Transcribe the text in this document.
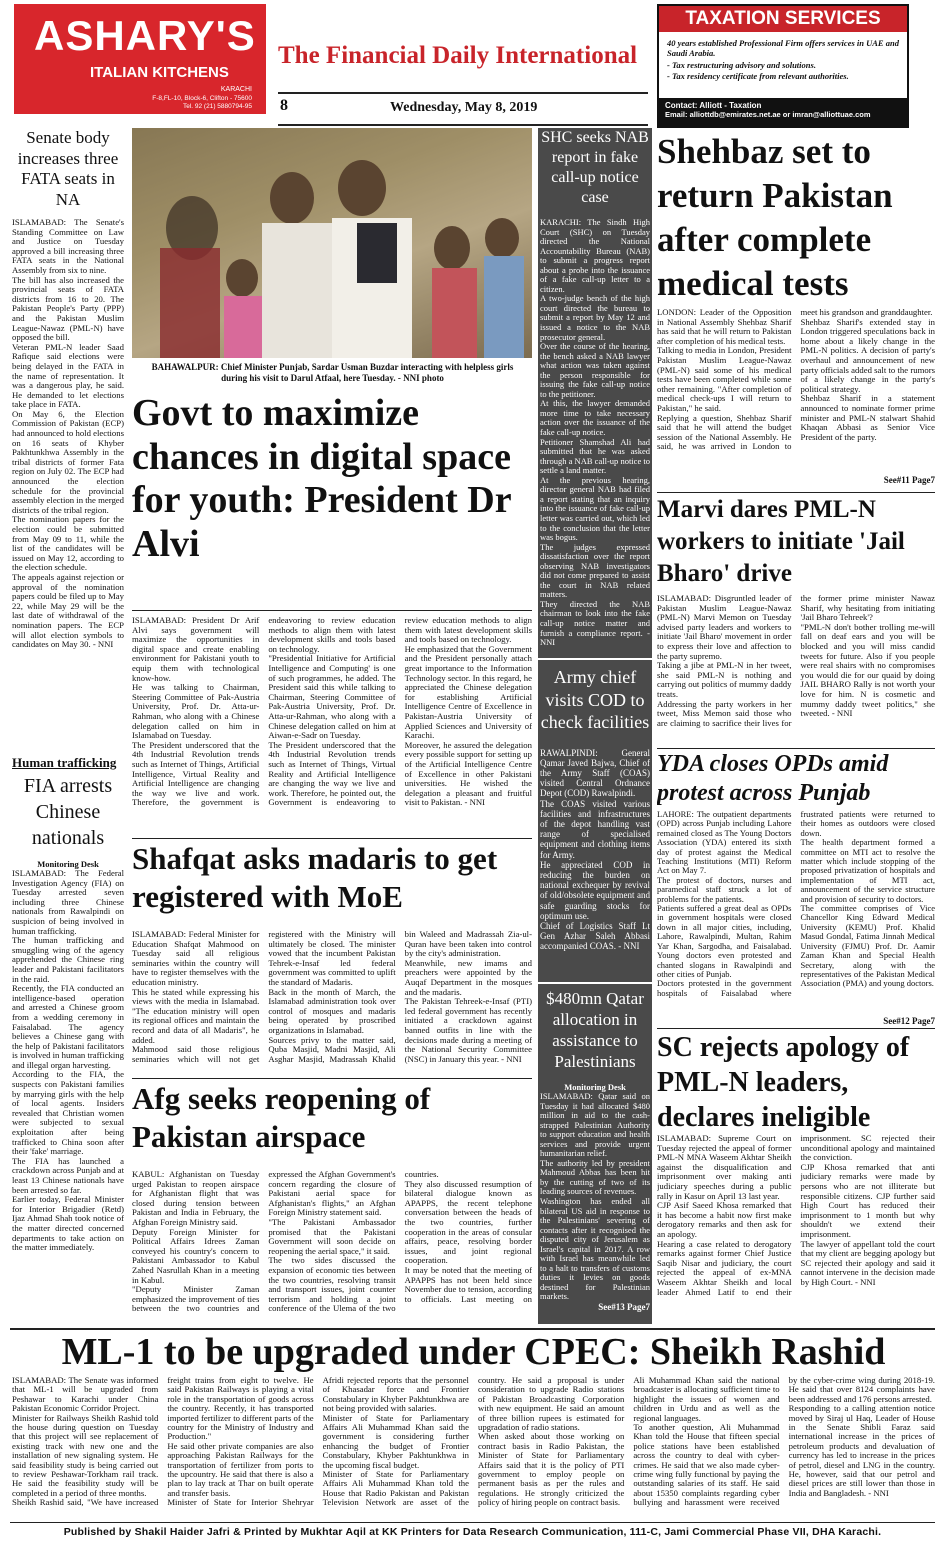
ASHARY'S
ITALIAN KITCHENS
KARACHI
F-8,FL-10, Block-6, Clifton - 75600
Tel. 92 (21) 5880794-95
The Financial Daily International
8	Wednesday, May 8, 2019
TAXATION SERVICES
40 years established Professional Firm offers services in UAE and Saudi Arabia.
- Tax restructuring advisory and solutions.
- Tax residency certificate from relevant authorities.
Contact: Alliott - Taxation
Email: alliottdb@emirates.net.ae or imran@alliottuae.com
Senate body increases three FATA seats in NA
ISLAMABAD: The Senate's Standing Committee on Law and Justice on Tuesday approved a bill increasing three FATA seats in the National Assembly from six to nine.
The bill has also increased the provincial seats of FATA districts from 16 to 20. The Pakistan People's Party (PPP) and the Pakistan Muslim League-Nawaz (PML-N) have opposed the bill.
Veteran PML-N leader Saad Rafique said elections were being delayed in the FATA in the name of representation. It was a dangerous play, he said. He demanded to let elections take place in FATA.
On May 6, the Election Commission of Pakistan (ECP) had announced to hold elections on 16 seats of Khyber Pakhtunkhwa Assembly in the tribal districts of former Fata region on July 02. The ECP had announced the election schedule for the provincial assembly election in the merged districts of the tribal region.
The nomination papers for the election could be submitted from May 09 to 11, while the list of the candidates will be issued on May 12, according to the election schedule.
The appeals against rejection or approval of the nomination papers could be filed up to May 22, while May 29 will be the last date of withdrawal of the nomination papers. The ECP will allot election symbols to candidates on May 30. - NNI
Human trafficking
FIA arrests Chinese nationals
Monitoring Desk
ISLAMABAD: The Federal Investigation Agency (FIA) on Tuesday arrested seven including three Chinese nationals from Rawalpindi on suspicion of being involved in human trafficking.
The human trafficking and smuggling wing of the agency apprehended the Chinese ring leader and Pakistani facilitators in the raid.
Recently, the FIA conducted an intelligence-based operation and arrested a Chinese groom from a wedding ceremony in Faisalabad. The agency believes a Chinese gang with the help of Pakistani facilitators is involved in human trafficking and illegal organ harvesting.
According to the FIA, the suspects con Pakistani families by marrying girls with the help of local agents. Insiders revealed that Christian women were subjected to sexual exploitation after being trafficked to China soon after their 'fake' marriage.
The FIA has launched a crackdown across Punjab and at least 13 Chinese nationals have been arrested so far.
Earlier today, Federal Minister for Interior Brigadier (Retd) Ijaz Ahmad Shah took notice of the matter directed concerned departments to take action on the matter immediately.
BAHAWALPUR: Chief Minister Punjab, Sardar Usman Buzdar interacting with helpless girls during his visit to Darul Atfaal, here Tuesday. - NNI photo
Govt to maximize chances in digital space for youth: President Dr Alvi
ISLAMABAD: President Dr Arif Alvi says government will maximize the opportunities in digital space and create enabling environment for Pakistani youth to equip them with technological know-how.
He was talking to Chairman, Steering Committee of Pak-Austria University, Prof. Dr. Atta-ur-Rahman, who along with a Chinese delegation called on him in Islamabad on Tuesday.
The President underscored that the 4th Industrial Revolution trends such as Internet of Things, Artificial Intelligence, Virtual Reality and Artificial Intelligence are changing the way we live and work. Therefore, the government is endeavoring to review education methods to align them with latest development skills and tools based on technology.
"Presidential Initiative for Artificial Intelligence and Computing' is one of such programmes, he added. The President said this while talking to Chairman, Steering Committee of Pak-Austria University, Prof. Dr. Atta-ur-Rahman, who along with a Chinese delegation called on him at Aiwan-e-Sadr on Tuesday.
The President underscored that the 4th Industrial Revolution trends such as Internet of Things, Virtual Reality and Artificial Intelligence are changing the way we live and work. Therefore, he pointed out, the Government is endeavoring to review education methods to align them with latest development skills and tools based on technology.
He emphasized that the Government and the President personally attach great importance to the Information Technology sector. In this regard, he appreciated the Chinese delegation for establishing Artificial Intelligence Centre of Excellence in Pakistan-Austria University of Applied Sciences and University of Karachi.
Moreover, he assured the delegation every possible support for setting up of the Artificial Intelligence Centre of Excellence in other Pakistani universities. He wished the delegation a pleasant and fruitful visit to Pakistan. - NNI
Shafqat asks madaris to get registered with MoE
ISLAMABAD: Federal Minister for Education Shafqat Mahmood on Tuesday said all religious seminaries within the country will have to register themselves with the education ministry.
This he stated while expressing his views with the media in Islamabad. "The education ministry will open its regional offices and maintain the record and data of all Madaris", he added.
Mahmood said those religious seminaries which will not get registered with the Ministry will ultimately be closed. The minister vowed that the incumbent Pakistan Tehrek-e-Insaf led federal government was committed to uplift the standard of Madaris.
Back in the month of March, the Islamabad administration took over control of mosques and madaris being operated by proscribed organizations in Islamabad.
Sources privy to the matter said, Quba Masjid, Madni Masjid, Ali Asghar Masjid, Madrassah Khalid bin Waleed and Madrassah Zia-ul-Quran have been taken into control by the city's administration.
Meanwhile, new imams and preachers were appointed by the Auqaf Department in the mosques and the madaris.
The Pakistan Tehreek-e-Insaf (PTI) led federal government has recently initiated a crackdown against banned outfits in line with the decisions made during a meeting of the National Security Committee (NSC) in January this year. - NNI
Afg seeks reopening of Pakistan airspace
KABUL: Afghanistan on Tuesday urged Pakistan to reopen airspace for Afghanistan flight that was closed during tension between Pakistan and India in February, the Afghan Foreign Ministry said.
Deputy Foreign Minister for Political Affairs Idrees Zaman conveyed his country's concern to Pakistani Ambassador to Kabul Zahed Nasrullah Khan in a meeting in Kabul.
"Deputy Minister Zaman emphasized the improvement of ties between the two countries and expressed the Afghan Government's concern regarding the closure of Pakistani aerial space for Afghanistan's flights," an Afghan Foreign Ministry statement said.
"The Pakistani Ambassador promised that the Pakistani Government will soon decide on reopening the aerial space," it said.
The two sides discussed the expansion of economic ties between the two countries, resolving transit and transport issues, joint counter terrorism and holding a joint conference of the Ulema of the two countries.
They also discussed resumption of bilateral dialogue known as APAPPS, the recent telephone conversation between the heads of the two countries, further cooperation in the areas of consular affairs, peace, resolving border issues, and joint regional cooperation.
It may be noted that the meeting of APAPPS has not been held since November due to tension, according to officials. Last meeting on
SHC seeks NAB report in fake call-up notice case
KARACHI: The Sindh High Court (SHC) on Tuesday directed the National Accountability Bureau (NAB) to submit a progress report about a probe into the issuance of a fake call-up letter to a citizen.
A two-judge bench of the high court directed the bureau to submit a report by May 12 and issued a notice to the NAB prosecutor general.
Over the course of the hearing, the bench asked a NAB lawyer what action was taken against the person responsible for issuing the fake call-up notice to the petitioner.
At this, the lawyer demanded more time to take necessary action over the issuance of the fake call-up notice.
Petitioner Shamshad Ali had submitted that he was asked through a NAB call-up notice to settle a land matter.
At the previous hearing, director general NAB had filed a report stating that an inquiry into the issuance of fake call-up letter was carried out, which led to the conclusion that the letter was bogus.
The judges expressed dissatisfaction over the report observing NAB investigators did not come prepared to assist the court in NAB related matters.
They directed the NAB chairman to look into the fake call-up notice matter and furnish a compliance report. - NNI
Army chief visits COD to check facilities
RAWALPINDI: General Qamar Javed Bajwa, Chief of the Army Staff (COAS) visited Central Ordnance Depot (COD) Rawalpindi.
The COAS visited various facilities and infrastructures of the depot handling vast range of specialised equipment and clothing items for Army.
He appreciated COD in reducing the burden on national exchequer by revival of old/obsolete equipment and safe guarding stocks for optimum use.
Chief of Logistics Staff Lt Gen Azhar Saleh Abbasi accompanied COAS. - NNI
$480mn Qatar allocation in assistance to Palestinians
Monitoring Desk
ISLAMABAD: Qatar said on Tuesday it had allocated $480 million in aid to the cash-strapped Palestinian Authority to support education and health services and provide urgent humanitarian relief.
The authority led by president Mahmoud Abbas has been hit by the cutting of two of its leading sources of revenues.
Washington has ended all bilateral US aid in response to the Palestinians' severing of contacts after it recognised the disputed city of Jerusalem as Israel's capital in 2017. A row with Israel has meanwhile led to a halt to transfers of customs duties it levies on goods destined for Palestinian markets.
See#13 Page7
Shehbaz set to return Pakistan after complete medical tests
LONDON: Leader of the Opposition in National Assembly Shehbaz Sharif has said that he will return to Pakistan after completion of his medical tests.
Talking to media in London, President Pakistan Muslim League-Nawaz (PML-N) said some of his medical tests have been completed while some other remaining. "After completion of medical check-ups I will return to Pakistan," he said.
Replying a question, Shehbaz Sharif said that he will attend the budget session of the National Assembly. He said, he was arrived in London to meet his grandson and granddaughter.
Shehbaz Sharif's extended stay in London triggered speculations back in home about a likely change in the PML-N politics. A decision of party's overhaul and announcement of new party officials added salt to the rumors of a likely change in the party's political strategy.
Shehbaz Sharif in a statement announced to nominate former prime minister and PML-N stalwart Shahid Khaqan Abbasi as Senior Vice President of the party.
See#11 Page7
Marvi dares PML-N workers to initiate 'Jail Bharo' drive
ISLAMABAD: Disgruntled leader of Pakistan Muslim League-Nawaz (PML-N) Marvi Memon on Tuesday advised party leaders and workers to initiate 'Jail Bharo' movement in order to express their love and affection to the party supremo.
Taking a jibe at PML-N in her tweet, she said PML-N is nothing and carrying out politics of mummy daddy treats.
Addressing the party workers in her tweet, Miss Memon said those who are claiming to sacrifice their lives for the former prime minister Nawaz Sharif, why hesitating from initiating 'Jail Bharo Tehreek'?
"PML-N don't bother trolling me-will fall on deaf ears and you will be blocked and you will miss candid tweets for future. Also if you people were real shairs with no compromises you would die for our quaid by doing JAIL BHARO Rally is not worth your love for him. N is cosmetic and mummy daddy tweet politics," she tweeted. - NNI
YDA closes OPDs amid protest across Punjab
LAHORE: The outpatient departments (OPD) across Punjab including Lahore remained closed as The Young Doctors Association (YDA) entered its sixth day of protest against the Medical Teaching Institutions (MTI) Reform Act on May 7.
The protest of doctors, nurses and paramedical staff struck a lot of problems for the patients.
Patients suffered a great deal as OPDs in government hospitals were closed down in all major cities, including, Lahore, Rawalpindi, Multan, Rahim Yar Khan, Sargodha, and Faisalabad. Young doctors even protested and chanted slogans in Rawalpindi and other cities of Punjab.
Doctors protested in the government hospitals of Faisalabad where frustrated patients were returned to their homes as outdoors were closed down.
The health department formed a committee on MTI act to resolve the matter which include stopping of the proposed privatization of hospitals and implementation of MTI act, announcement of the service structure and provision of security to doctors.
The committee comprises of Vice Chancellor King Edward Medical University (KEMU) Prof. Khalid Masud Gondal, Fatima Jinnah Medical University (FJMU) Prof. Dr. Aamir Zaman Khan and Special Health Secretary, along with the representatives of the Pakistan Medical Association (PMA) and young doctors.
See#12 Page7
SC rejects apology of PML-N leaders, declares ineligible
ISLAMABAD: Supreme Court on Tuesday rejected the appeal of former PML-N MNA Waseem Akhtar Sheikh against the disqualification and imprisonment over making anti judiciary speeches during a public rally in Kasur on April 13 last year.
CJP Asif Saeed Khosa remarked that it has become a habit now first make derogatory remarks and then ask for an apology.
Hearing a case related to derogatory remarks against former Chief Justice Saqib Nisar and judiciary, the court rejected the appeal of ex-MNA Waseem Akhtar Sheikh and local leader Ahmed Latif to end their imprisonment. SC rejected their unconditional apology and maintained the conviction.
CJP Khosa remarked that anti judiciary remarks were made by persons who are not illiterate but responsible citizens. CJP further said High Court has reduced their imprisonment to 1 month but why shouldn't we extend their imprisonment.
The lawyer of appellant told the court that my client are begging apology but SC rejected their apology and said it cannot intervene in the decision made by High Court. - NNI
ML-1 to be upgraded under CPEC: Sheikh Rashid
ISLAMABAD: The Senate was informed that ML-1 will be upgraded from Peshawar to Karachi under China Pakistan Economic Corridor Project.
Minister for Railways Sheikh Rashid told the house during question on Tuesday that this project will see replacement of existing track with new one and the installation of new signaling system. He said feasibility study is being carried out to review Peshawar-Torkham rail track. He said the feasibility study will be completed in a period of three months.
Sheikh Rashid said, "We have increased freight trains from eight to twelve. He said Pakistan Railways is playing a vital role in the transportation of goods across the country. Recently, it has transported imported fertilizer to different parts of the country for the Ministry of Industry and Production."
He said other private companies are also approaching Pakistan Railways for the transportation of fertilizer from ports to the upcountry. He said that there is also a plan to lay track at Thar on built operate and transfer basis.
Minister of State for Interior Shehryar Afridi rejected reports that the personnel of Khasadar force and Frontier Constabulary in Khyber Pakhtunkhwa are not being provided with salaries.
Minister of State for Parliamentary Affairs Ali Muhammad Khan said the government is considering further enhancing the budget of Frontier Constabulary, Khyber Pakhtunkhwa in the upcoming fiscal budget.
Minister of State for Parliamentary Affairs Ali Muhammad Khan told the House that Radio Pakistan and Pakistan Television Network are asset of the country. He said a proposal is under consideration to upgrade Radio stations of Pakistan Broadcasting Corporation with new equipment. He said an amount of three billion rupees is estimated for upgradation of radio stations.
When asked about those working on contract basis in Radio Pakistan, the Minister of State for Parliamentary Affairs said that it is the policy of PTI government to employ people on permanent basis as per the rules and regulations. He strongly criticized the policy of hiring people on contract basis.
Ali Muhammad Khan said the national broadcaster is allocating sufficient time to highlight the issues of women and children in Urdu and as well as the regional languages.
To another question, Ali Muhammad Khan told the House that fifteen special police stations have been established across the country to deal with cyber-crimes. He said that we also made cyber-crime wing fully functional by paying the outstanding salaries of its staff. He said about 15350 complaints regarding cyber bullying and harassment were received by the cyber-crime wing during 2018-19. He said that over 8124 complaints have been addressed and 176 persons arrested.
Responding to a calling attention notice moved by Siraj ul Haq, Leader of House in the Senate Shibli Faraz said international increase in the prices of petroleum products and devaluation of currency has led to increase in the prices of petrol, diesel and LNG in the country. He, however, said that our petrol and diesel prices are still lower than those in India and Bangladesh. - NNI
Published by Shakil Haider Jafri & Printed by Mukhtar Aqil at KK Printers for Data Research Communication, 111-C, Jami Commercial Phase VII, DHA Karachi.
